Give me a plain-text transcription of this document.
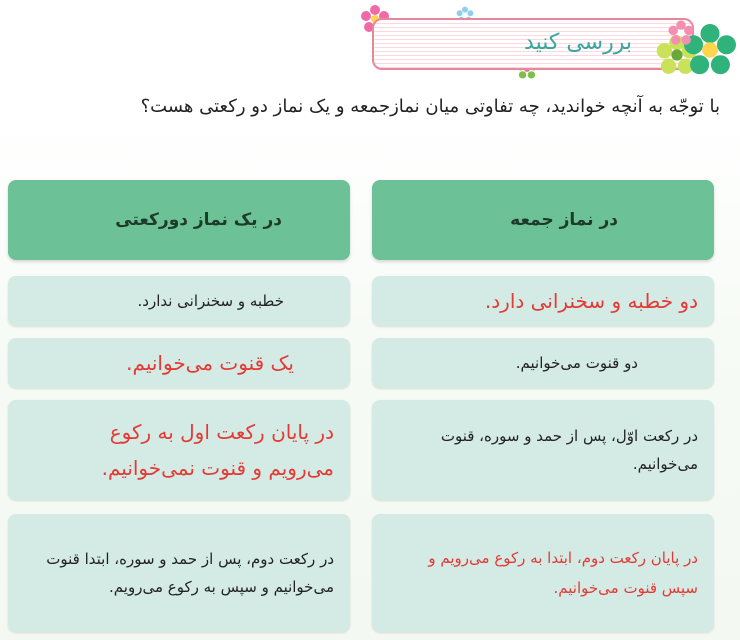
بررسی کنید
با توجّه به آنچه خواندید، چه تفاوتی میان نمازجمعه و یک نماز دو رکعتی هست؟
در نماز جمعه
در یک نماز دورکعتی
دو خطبه و سخنرانی دارد.
خطبه و سخنرانی ندارد.
دو قنوت می‌خوانیم.
یک قنوت می‌خوانیم.
در رکعت اوّل، پس از حمد و سوره، قنوت می‌خوانیم.
در پایان رکعت اول به رکوع می‌رویم و قنوت نمی‌خوانیم.
در پایان رکعت دوم، ابتدا به رکوع می‌رویم و سپس قنوت می‌خوانیم.
در رکعت دوم، پس از حمد و سوره، ابتدا قنوت می‌خوانیم و سپس به رکوع می‌رویم.
